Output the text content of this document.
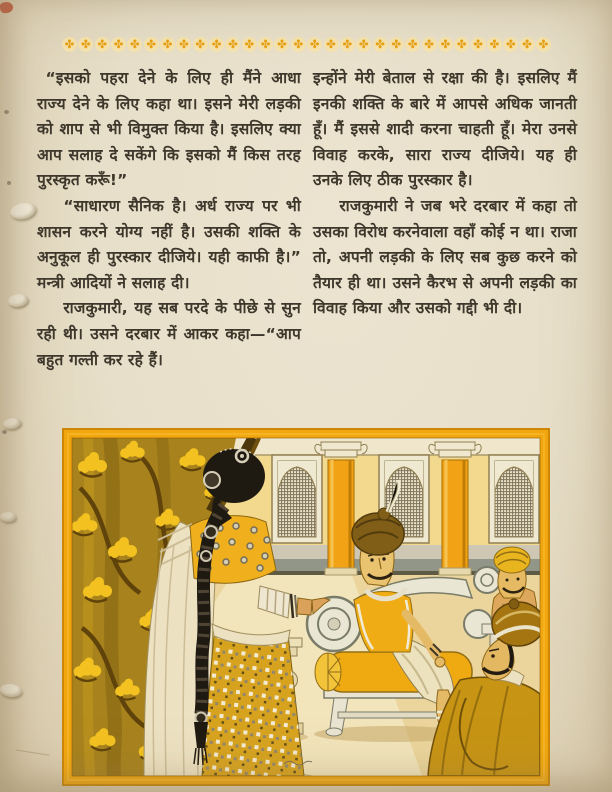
✤ ✤ ✤ ✤ ✤ ✤ ✤ ✤ ✤ ✤ ✤ ✤ ✤ ✤ ✤ ✤ ✤ ✤ ✤ ✤ ✤ ✤ ✤ ✤ ✤ ✤ ✤ ✤ ✤ ✤

“इसको पहरा देने के लिए ही मैंने आधा राज्य देने के लिए कहा था। इसने मेरी लड़की को शाप से भी विमुक्त किया है। इसलिए क्या आप सलाह दे सकेंगे कि इसको मैं किस तरह पुरस्कृत करूँ!”

“साधारण सैनिक है। अर्ध राज्य पर भी शासन करने योग्य नहीं है। उसकी शक्ति के अनुकूल ही पुरस्कार दीजिये। यही काफी है।” मन्त्री आदियों ने सलाह दी।

राजकुमारी, यह सब परदे के पीछे से सुन रही थी। उसने दरबार में आकर कहा—“आप बहुत गल्ती कर रहे हैं।

इन्होंने मेरी बेताल से रक्षा की है। इसलिए मैं इनकी शक्ति के बारे में आपसे अधिक जानती हूँ। मैं इससे शादी करना चाहती हूँ। मेरा उनसे विवाह करके, सारा राज्य दीजिये। यह ही उनके लिए ठीक पुरस्कार है।

राजकुमारी ने जब भरे दरबार में कहा तो उसका विरोध करनेवाला वहाँ कोई न था। राजा तो, अपनी लड़की के लिए सब कुछ करने को तैयार ही था। उसने कैरभ से अपनी लड़की का विवाह किया और उसको गद्दी भी दी।
